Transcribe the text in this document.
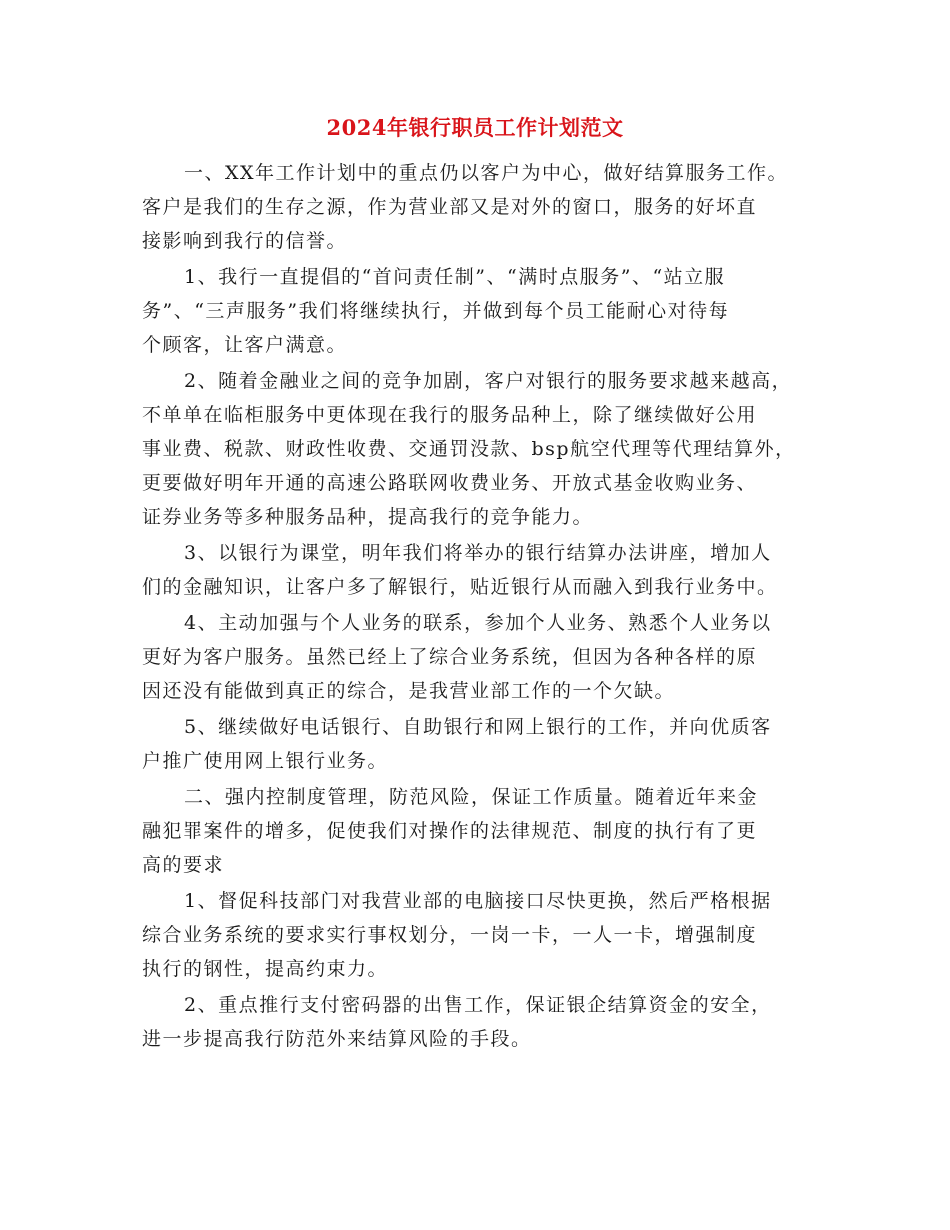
2024年银行职员工作计划范文
一、XX年工作计划中的重点仍以客户为中心，做好结算服务工作。
客户是我们的生存之源，作为营业部又是对外的窗口，服务的好坏直
接影响到我行的信誉。
1、我行一直提倡的“首问责任制”、“满时点服务”、“站立服
务”、“三声服务”我们将继续执行，并做到每个员工能耐心对待每
个顾客，让客户满意。
2、随着金融业之间的竞争加剧，客户对银行的服务要求越来越高，
不单单在临柜服务中更体现在我行的服务品种上，除了继续做好公用
事业费、税款、财政性收费、交通罚没款、bsp航空代理等代理结算外，
更要做好明年开通的高速公路联网收费业务、开放式基金收购业务、
证券业务等多种服务品种，提高我行的竞争能力。
3、以银行为课堂，明年我们将举办的银行结算办法讲座，增加人
们的金融知识，让客户多了解银行，贴近银行从而融入到我行业务中。
4、主动加强与个人业务的联系，参加个人业务、熟悉个人业务以
更好为客户服务。虽然已经上了综合业务系统，但因为各种各样的原
因还没有能做到真正的综合，是我营业部工作的一个欠缺。
5、继续做好电话银行、自助银行和网上银行的工作，并向优质客
户推广使用网上银行业务。
二、强内控制度管理，防范风险，保证工作质量。随着近年来金
融犯罪案件的增多，促使我们对操作的法律规范、制度的执行有了更
高的要求
1、督促科技部门对我营业部的电脑接口尽快更换，然后严格根据
综合业务系统的要求实行事权划分，一岗一卡，一人一卡，增强制度
执行的钢性，提高约束力。
2、重点推行支付密码器的出售工作，保证银企结算资金的安全，
进一步提高我行防范外来结算风险的手段。
